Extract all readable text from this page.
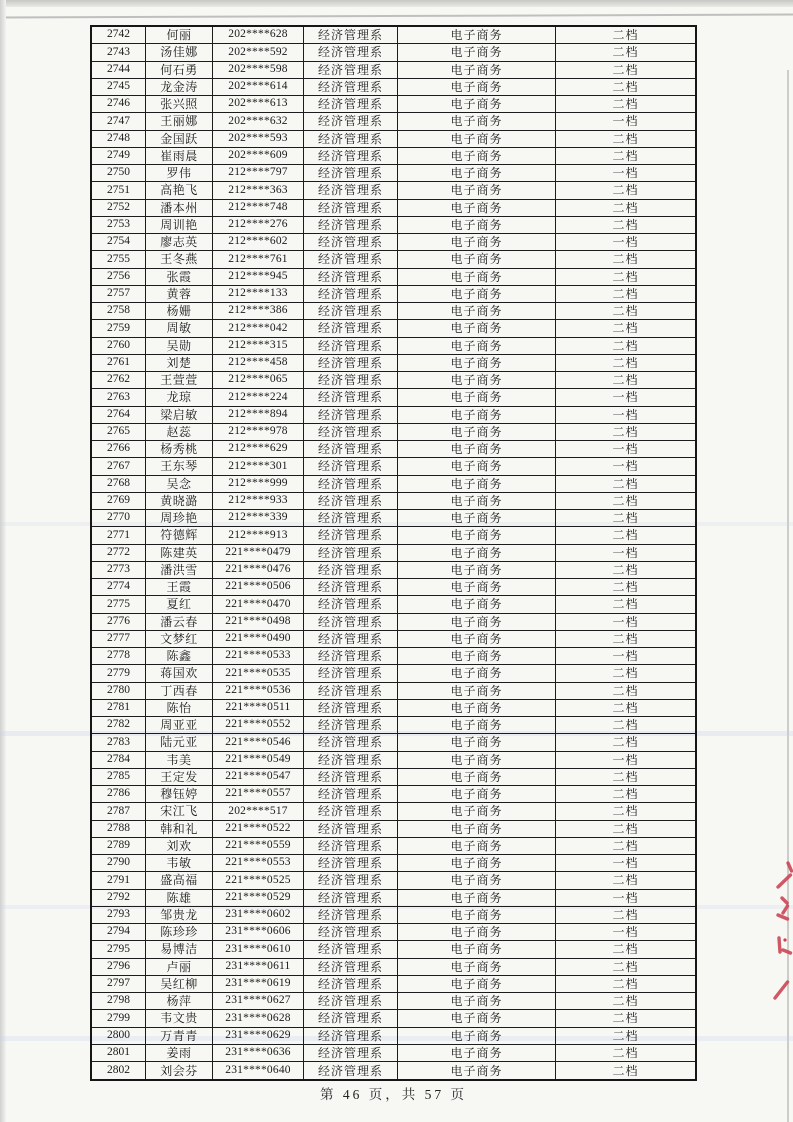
2742	何丽	202****628	经济管理系	电子商务	二档
2743	汤佳娜	202****592	经济管理系	电子商务	二档
2744	何石勇	202****598	经济管理系	电子商务	二档
2745	龙金涛	202****614	经济管理系	电子商务	二档
2746	张兴照	202****613	经济管理系	电子商务	二档
2747	王丽娜	202****632	经济管理系	电子商务	一档
2748	金国跃	202****593	经济管理系	电子商务	二档
2749	崔雨晨	202****609	经济管理系	电子商务	二档
2750	罗伟	212****797	经济管理系	电子商务	一档
2751	高艳飞	212****363	经济管理系	电子商务	二档
2752	潘本州	212****748	经济管理系	电子商务	二档
2753	周训艳	212****276	经济管理系	电子商务	二档
2754	廖志英	212****602	经济管理系	电子商务	一档
2755	王冬燕	212****761	经济管理系	电子商务	二档
2756	张霞	212****945	经济管理系	电子商务	二档
2757	黄蓉	212****133	经济管理系	电子商务	二档
2758	杨姗	212****386	经济管理系	电子商务	二档
2759	周敏	212****042	经济管理系	电子商务	二档
2760	吴勋	212****315	经济管理系	电子商务	二档
2761	刘楚	212****458	经济管理系	电子商务	二档
2762	王萱萱	212****065	经济管理系	电子商务	二档
2763	龙琼	212****224	经济管理系	电子商务	一档
2764	梁启敏	212****894	经济管理系	电子商务	一档
2765	赵蕊	212****978	经济管理系	电子商务	二档
2766	杨秀桃	212****629	经济管理系	电子商务	一档
2767	王东琴	212****301	经济管理系	电子商务	一档
2768	吴念	212****999	经济管理系	电子商务	二档
2769	黄晓潞	212****933	经济管理系	电子商务	二档
2770	周珍艳	212****339	经济管理系	电子商务	二档
2771	符德辉	212****913	经济管理系	电子商务	二档
2772	陈建英	221****0479	经济管理系	电子商务	一档
2773	潘洪雪	221****0476	经济管理系	电子商务	二档
2774	王霞	221****0506	经济管理系	电子商务	二档
2775	夏红	221****0470	经济管理系	电子商务	二档
2776	潘云春	221****0498	经济管理系	电子商务	一档
2777	文梦红	221****0490	经济管理系	电子商务	二档
2778	陈鑫	221****0533	经济管理系	电子商务	一档
2779	蒋国欢	221****0535	经济管理系	电子商务	二档
2780	丁西春	221****0536	经济管理系	电子商务	二档
2781	陈怡	221****0511	经济管理系	电子商务	二档
2782	周亚亚	221****0552	经济管理系	电子商务	二档
2783	陆元亚	221****0546	经济管理系	电子商务	二档
2784	韦美	221****0549	经济管理系	电子商务	一档
2785	王定发	221****0547	经济管理系	电子商务	二档
2786	穆钰婷	221****0557	经济管理系	电子商务	二档
2787	宋江飞	202****517	经济管理系	电子商务	二档
2788	韩和礼	221****0522	经济管理系	电子商务	二档
2789	刘欢	221****0559	经济管理系	电子商务	二档
2790	韦敏	221****0553	经济管理系	电子商务	一档
2791	盛高福	221****0525	经济管理系	电子商务	二档
2792	陈雄	221****0529	经济管理系	电子商务	一档
2793	邹贵龙	231****0602	经济管理系	电子商务	二档
2794	陈珍珍	231****0606	经济管理系	电子商务	一档
2795	易博洁	231****0610	经济管理系	电子商务	二档
2796	卢丽	231****0611	经济管理系	电子商务	二档
2797	吴红柳	231****0619	经济管理系	电子商务	二档
2798	杨萍	231****0627	经济管理系	电子商务	二档
2799	韦文贵	231****0628	经济管理系	电子商务	二档
2800	万青青	231****0629	经济管理系	电子商务	二档
2801	姜雨	231****0636	经济管理系	电子商务	二档
2802	刘会芬	231****0640	经济管理系	电子商务	二档
第 46 页，共 57 页
